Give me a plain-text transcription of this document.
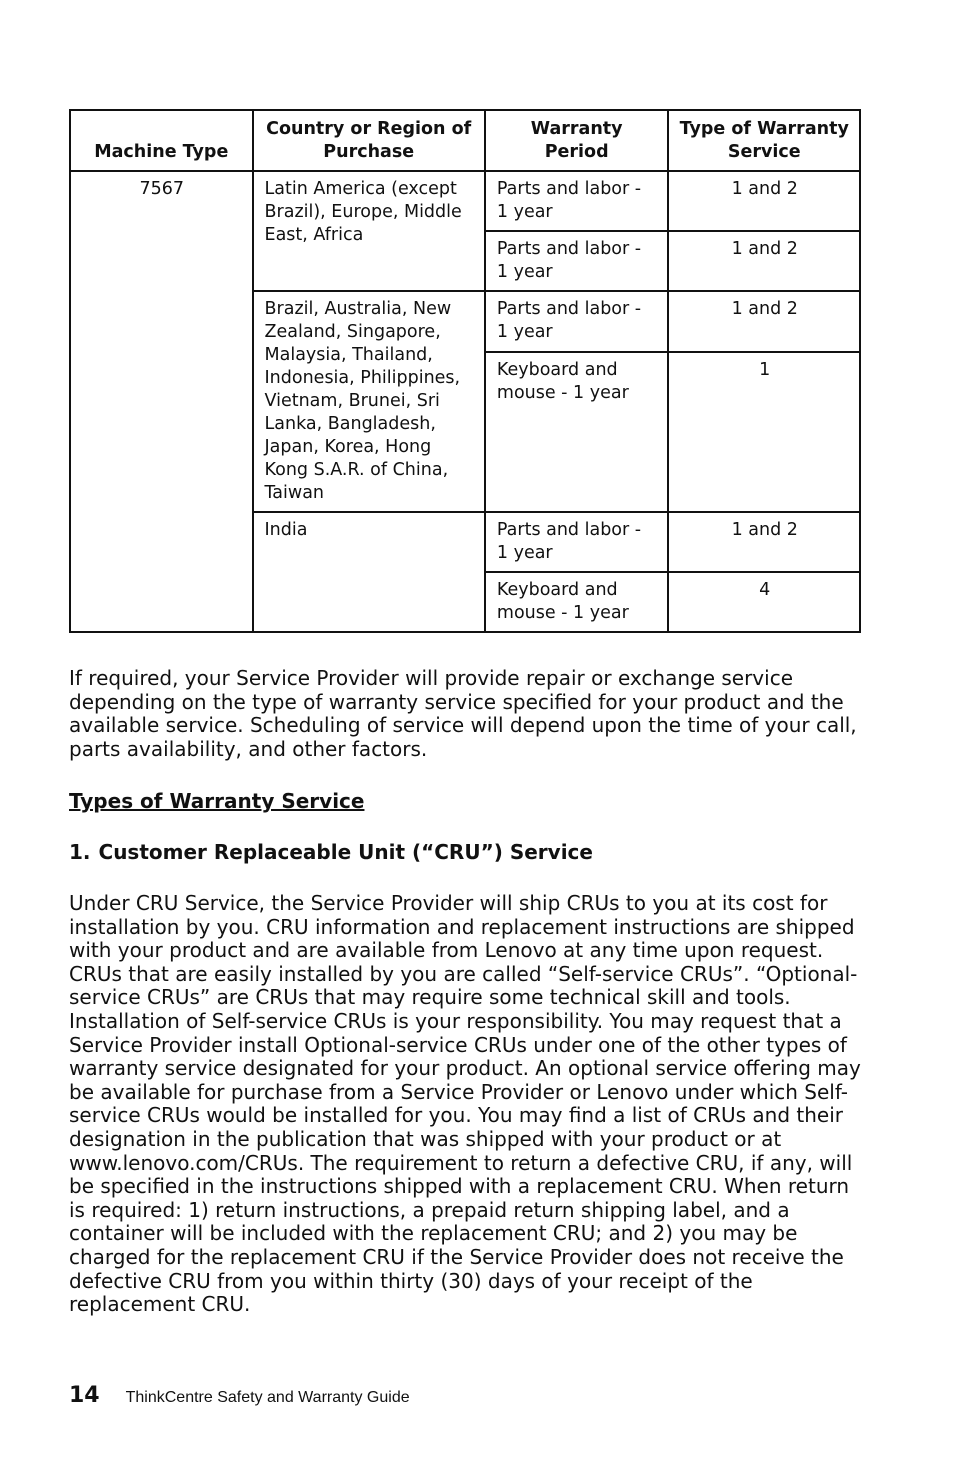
Machine Type	Country or Region of Purchase	Warranty Period	Type of Warranty Service
7567	Latin America (except Brazil), Europe, Middle East, Africa	Parts and labor - 1 year	1 and 2
		Parts and labor - 1 year	1 and 2
	Brazil, Australia, New Zealand, Singapore, Malaysia, Thailand, Indonesia, Philippines, Vietnam, Brunei, Sri Lanka, Bangladesh, Japan, Korea, Hong Kong S.A.R. of China, Taiwan	Parts and labor - 1 year	1 and 2
		Keyboard and mouse - 1 year	1
	India	Parts and labor - 1 year	1 and 2
		Keyboard and mouse - 1 year	4

If required, your Service Provider will provide repair or exchange service depending on the type of warranty service specified for your product and the available service. Scheduling of service will depend upon the time of your call, parts availability, and other factors.

Types of Warranty Service
1. Customer Replaceable Unit (“CRU”) Service

Under CRU Service, the Service Provider will ship CRUs to you at its cost for installation by you. CRU information and replacement instructions are shipped with your product and are available from Lenovo at any time upon request. CRUs that are easily installed by you are called “Self-service CRUs”. “Optional-service CRUs” are CRUs that may require some technical skill and tools. Installation of Self-service CRUs is your responsibility. You may request that a Service Provider install Optional-service CRUs under one of the other types of warranty service designated for your product. An optional service offering may be available for purchase from a Service Provider or Lenovo under which Self-service CRUs would be installed for you. You may find a list of CRUs and their designation in the publication that was shipped with your product or at www.lenovo.com/CRUs. The requirement to return a defective CRU, if any, will be specified in the instructions shipped with a replacement CRU. When return is required: 1) return instructions, a prepaid return shipping label, and a container will be included with the replacement CRU; and 2) you may be charged for the replacement CRU if the Service Provider does not receive the defective CRU from you within thirty (30) days of your receipt of the replacement CRU.

14 ThinkCentre Safety and Warranty Guide
